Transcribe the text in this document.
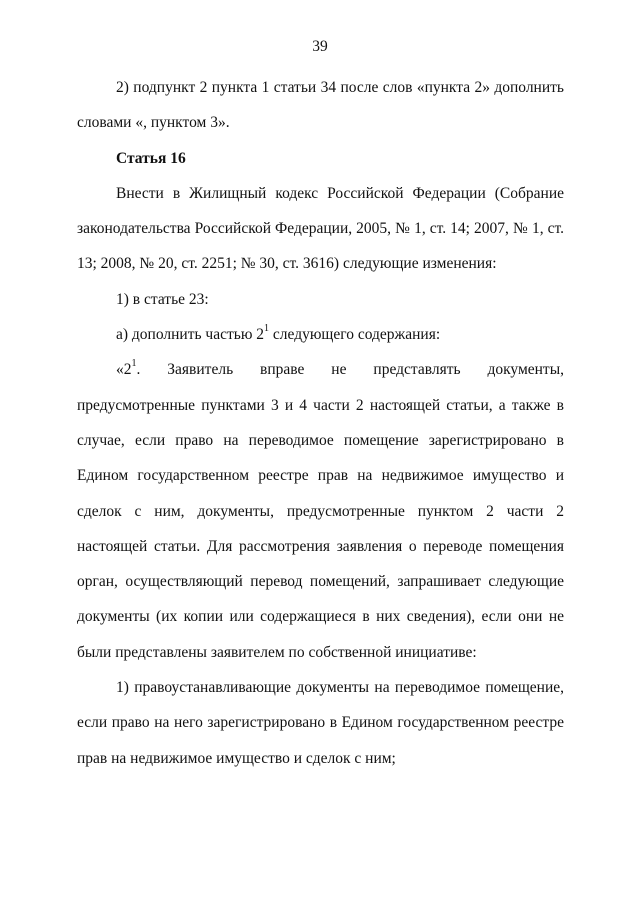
39

2) подпункт 2 пункта 1 статьи 34 после слов «пункта 2» дополнить словами «, пунктом 3».

Статья 16

Внести в Жилищный кодекс Российской Федерации (Собрание законодательства Российской Федерации, 2005, № 1, ст. 14; 2007, № 1, ст. 13; 2008, № 20, ст. 2251; № 30, ст. 3616) следующие изменения:

1) в статье 23:

а) дополнить частью $2^1$ следующего содержания:

«$2^1$. Заявитель вправе не представлять документы, предусмотренные пунктами 3 и 4 части 2 настоящей статьи, а также в случае, если право на переводимое помещение зарегистрировано в Едином государственном реестре прав на недвижимое имущество и сделок с ним, документы, предусмотренные пунктом 2 части 2 настоящей статьи. Для рассмотрения заявления о переводе помещения орган, осуществляющий перевод помещений, запрашивает следующие документы (их копии или содержащиеся в них сведения), если они не были представлены заявителем по собственной инициативе:

1) правоустанавливающие документы на переводимое помещение, если право на него зарегистрировано в Едином государственном реестре прав на недвижимое имущество и сделок с ним;
